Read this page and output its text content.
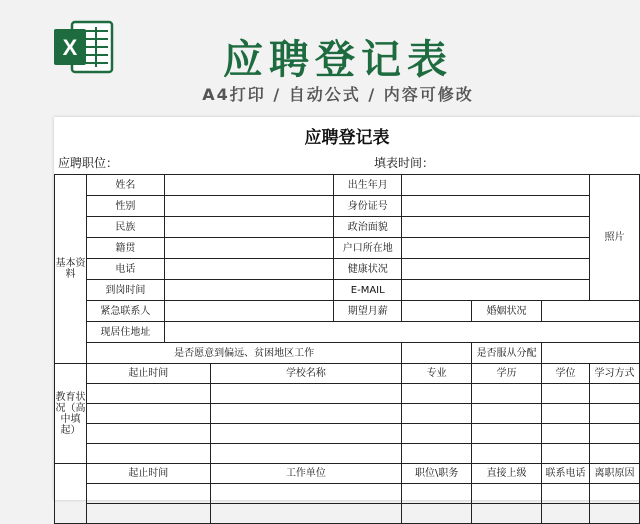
X	应聘登记表
A4打印 / 自动公式 / 内容可修改
应聘登记表
应聘职位：	填表时间：
基本资料	姓名			出生年月				照片
	性别			身份证号				
	民族			政治面貌				
	籍贯			户口所在地				
	电话			健康状况				
	到岗时间			E-MAIL				
	紧急联系人			期望月薪		婚姻状况		
	现居住地址							
	是否愿意到偏远、贫困地区工作					是否服从分配		
教育状况（高中填起）	起止时间		学校名称		专业	学历	学位	学习方式

	起止时间		工作单位		职位\职务	直接上级	联系电话	离职原因
